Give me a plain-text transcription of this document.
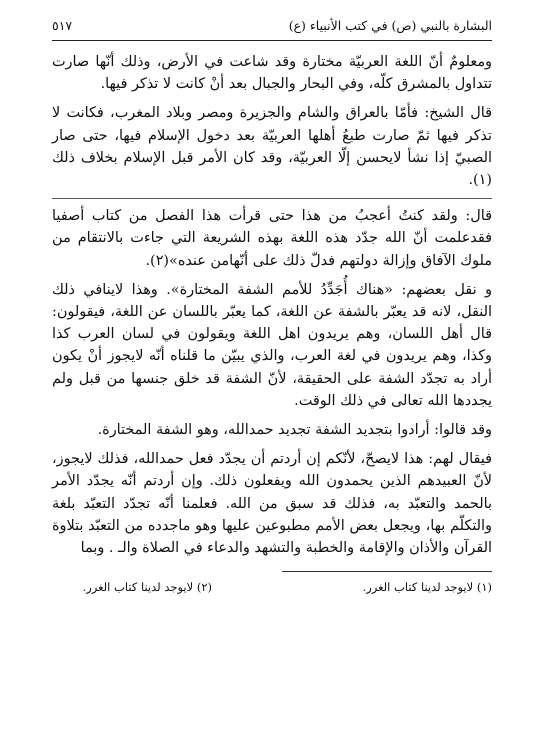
البشارة بالنبي (ص) في كتب الأنبياء (ع)
٥١٧

ومعلومٌ أنّ اللغة العربيّة مختارة وقد شاعت في الأرض، وذلك أنّها صارت تتداول بالمشرق كلّه، وفي البحار والجبال بعد أنْ كانت لا تذكر فيها.

قال الشيخ: فأمّا بالعراق والشام والجزيرة ومصر وبلاد المغرب، فكانت لا تذكر فيها ثمّ صارت طبعُ أهلها العربيّة بعد دخول الإسلام فيها، حتى صار الصبيّ إذا نشأ لايحسن إلّا العربيّة، وقد كان الأمر قبل الإسلام بخلاف ذلك (١).

قال: ولقد كنتُ أعجبُ من هذا حتى قرأت هذا الفصل من كتاب أصفيا فقدعلمت أنّ الله جدّد هذه اللغة بهذه الشريعة التي جاءت بالانتقام من ملوك الآفاق وإزالة دولتهم فدلّ ذلك على أنّهامن عنده»(٢).

و نقل بعضهم: «هناك أُجَدِّدُ للأمم الشفة المختارة». وهذا لاينافي ذلك النقل، لانه قد يعبّر بالشفة عن اللغة، كما يعبّر باللسان عن اللغة، فيقولون: قال أهل اللسان، وهم يريدون اهل اللغة ويقولون في لسان العرب كذا وكذا، وهم يريدون في لغة العرب، والذي يبيّن ما قلناه أنّه لايجوز أنْ يكون أراد به تجدّد الشفة على الحقيقة، لأنّ الشفة قد خلق جنسها من قبل ولم يجددها الله تعالى في ذلك الوقت.

وقد قالوا: أرادوا بتجديد الشفة تجديد حمدالله، وهو الشفة المختارة.

فيقال لهم: هذا لايصحّ، لأنّكم إن أردتم أن يجدّد فعل حمدالله، فذلك لايجوز، لأنّ العبيدهم الذين يحمدون الله ويفعلون ذلك. وإن أردتم أنّه يجدّد الأمر بالحمد والتعبّد به، فذلك قد سبق من الله. فعلمنا أنّه تجدّد التعبّد بلغة والتكلّم بها، ويجعل بعض الأمم مطبوعين عليها وهو ماجدده من التعبّد بتلاوة القرآن والأذان والإقامة والخطبة والتشهد والدعاء في الصلاة والـ . وبما

(١) لايوجد لدينا كتاب الغرر.
(٢) لايوجد لدينا كتاب الغرر.
